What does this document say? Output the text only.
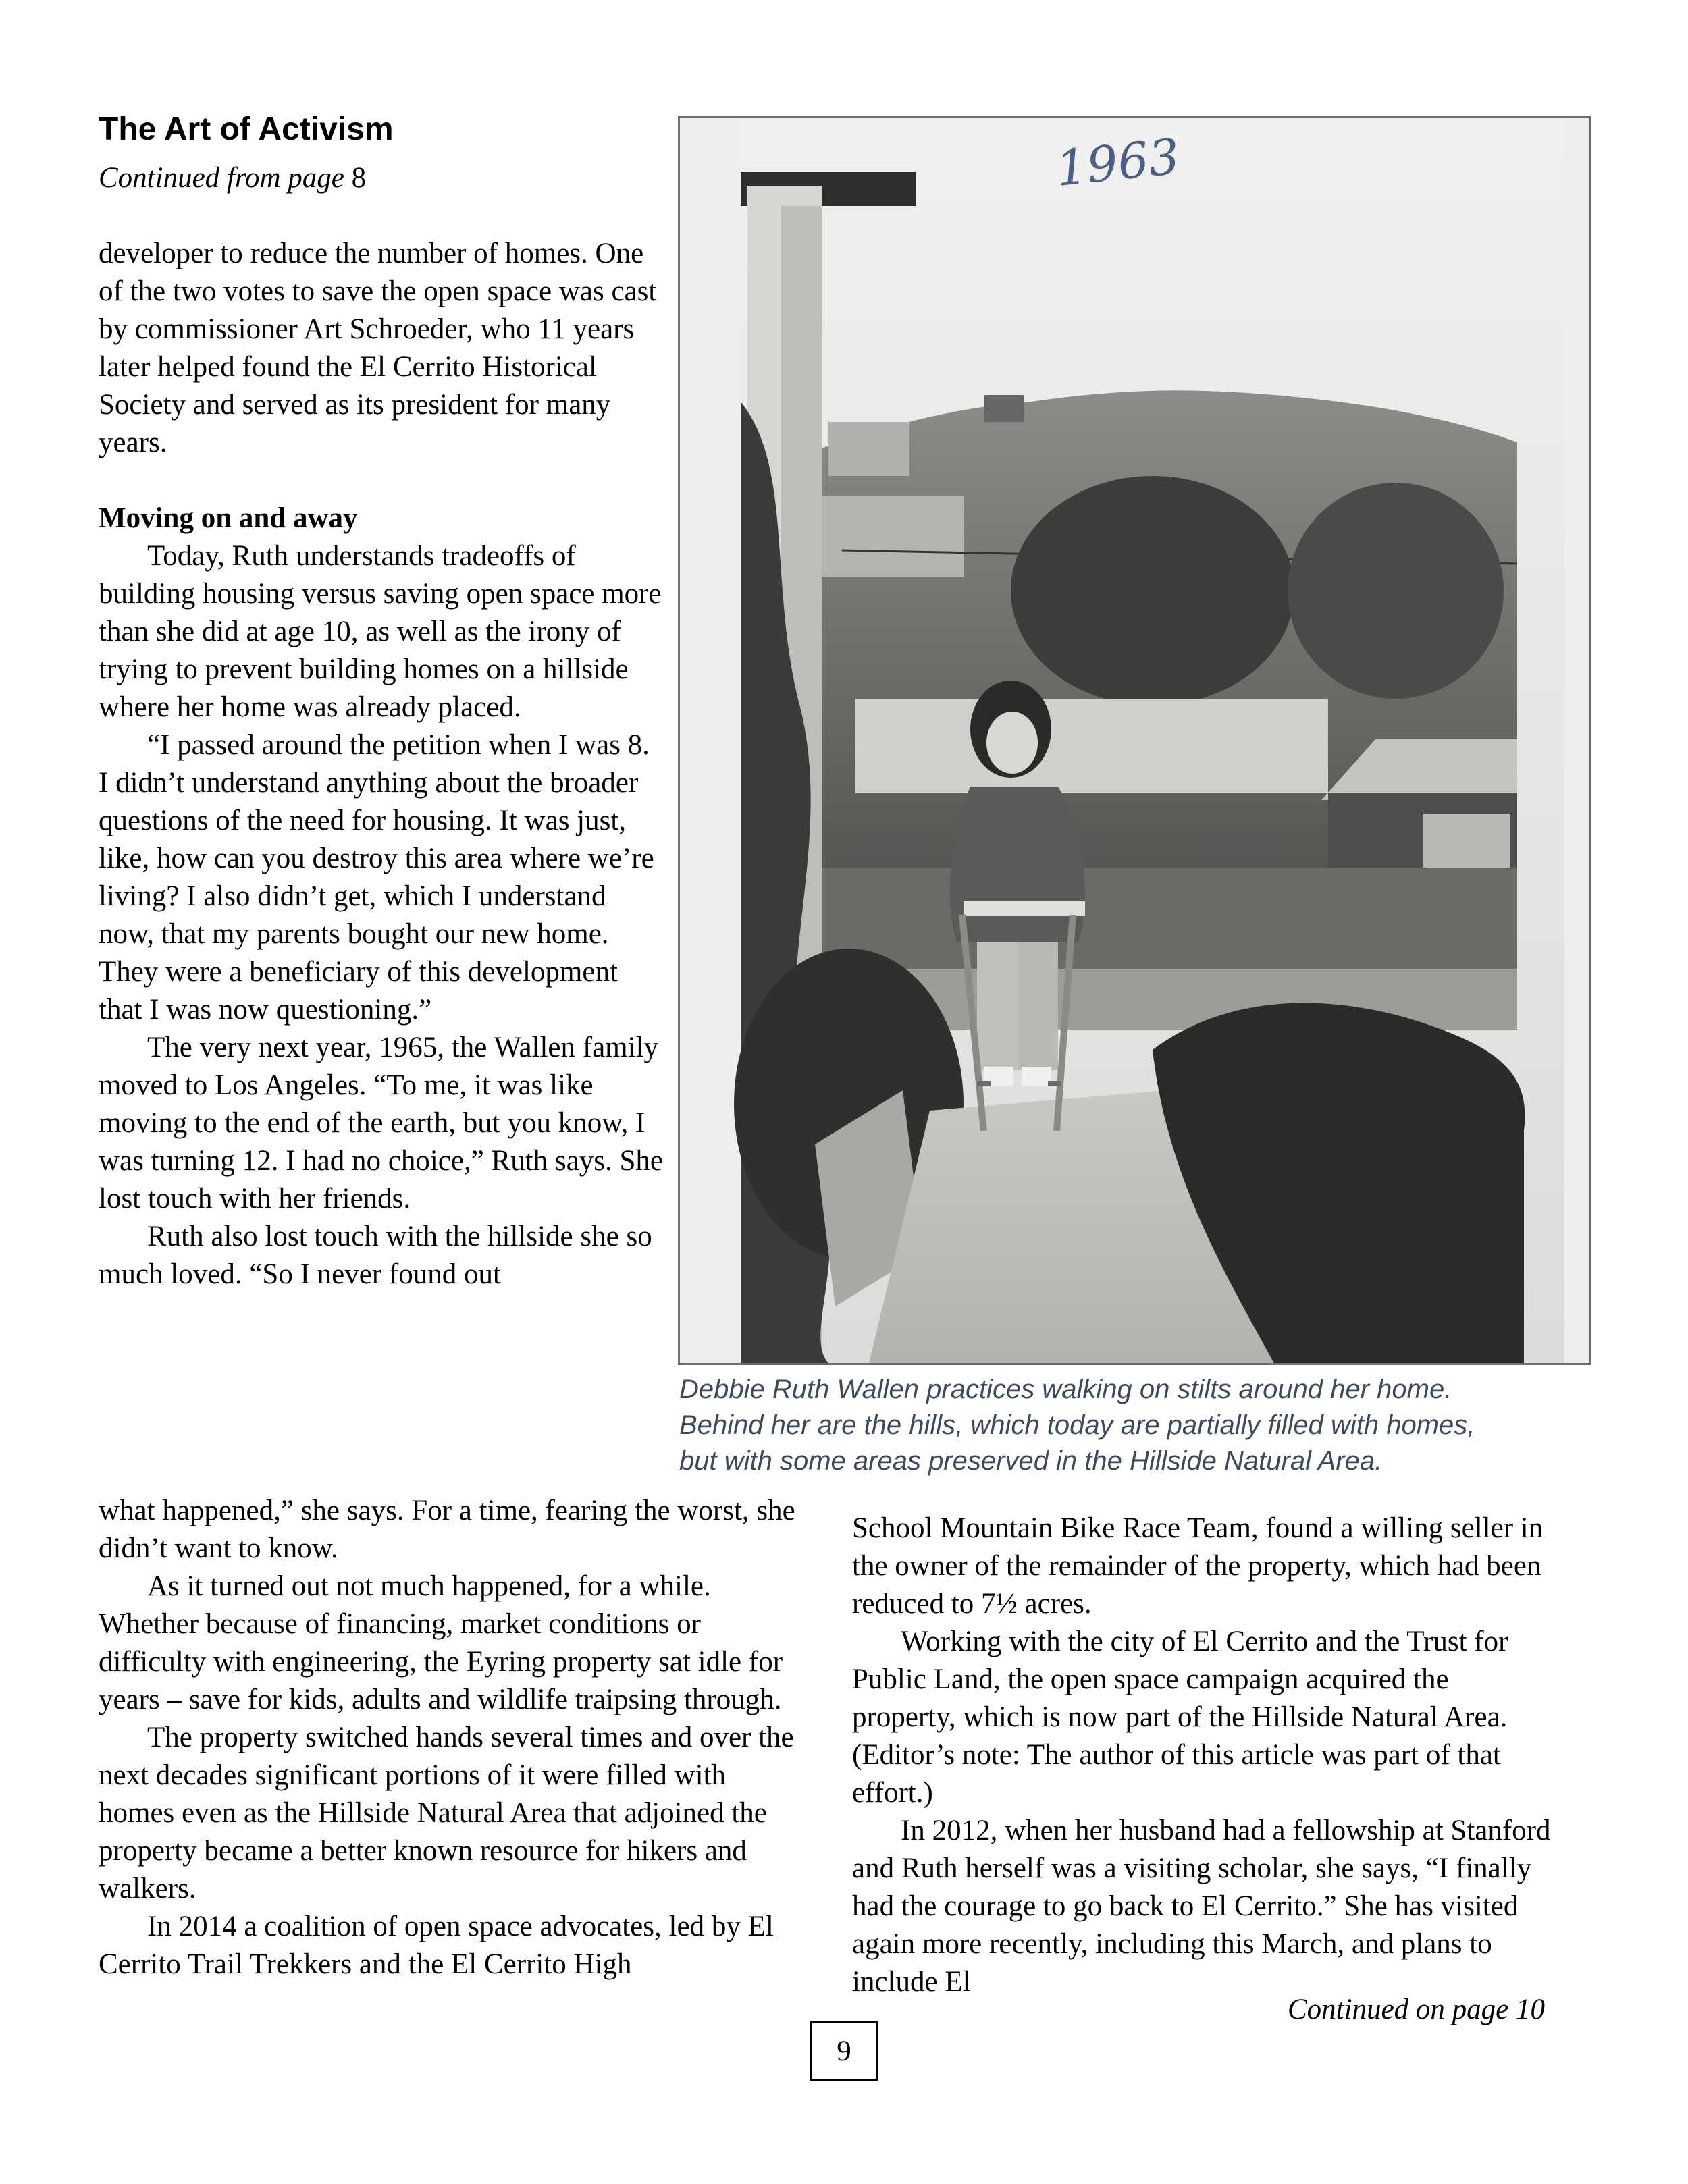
The Art of Activism
Continued from page 8

developer to reduce the number of homes. One of the two votes to save the open space was cast by commissioner Art Schroeder, who 11 years later helped found the El Cerrito Historical Society and served as its president for many years.

Moving on and away

Today, Ruth understands tradeoffs of building housing versus saving open space more than she did at age 10, as well as the irony of trying to prevent building homes on a hillside where her home was already placed.

“I passed around the petition when I was 8. I didn’t understand anything about the broader questions of the need for housing. It was just, like, how can you destroy this area where we’re living? I also didn’t get, which I understand now, that my parents bought our new home. They were a beneficiary of this development that I was now questioning.”

The very next year, 1965, the Wallen family moved to Los Angeles. “To me, it was like moving to the end of the earth, but you know, I was turning 12. I had no choice,” Ruth says. She lost touch with her friends.

Ruth also lost touch with the hillside she so much loved. “So I never found out

what happened,” she says. For a time, fearing the worst, she didn’t want to know.

As it turned out not much happened, for a while. Whether because of financing, market conditions or difficulty with engineering, the Eyring property sat idle for years – save for kids, adults and wildlife traipsing through.

The property switched hands several times and over the next decades significant portions of it were filled with homes even as the Hillside Natural Area that adjoined the property became a better known resource for hikers and walkers.

In 2014 a coalition of open space advocates, led by El Cerrito Trail Trekkers and the El Cerrito High

School Mountain Bike Race Team, found a willing seller in the owner of the remainder of the property, which had been reduced to 7½ acres.

Working with the city of El Cerrito and the Trust for Public Land, the open space campaign acquired the property, which is now part of the Hillside Natural Area. (Editor’s note: The author of this article was part of that effort.)

In 2012, when her husband had a fellowship at Stanford and Ruth herself was a visiting scholar, she says, “I finally had the courage to go back to El Cerrito.” She has visited again more recently, including this March, and plans to include El

1963

Debbie Ruth Wallen practices walking on stilts around her home.

Behind her are the hills, which today are partially filled with homes,

but with some areas preserved in the Hillside Natural Area.

Continued on page 10
9
